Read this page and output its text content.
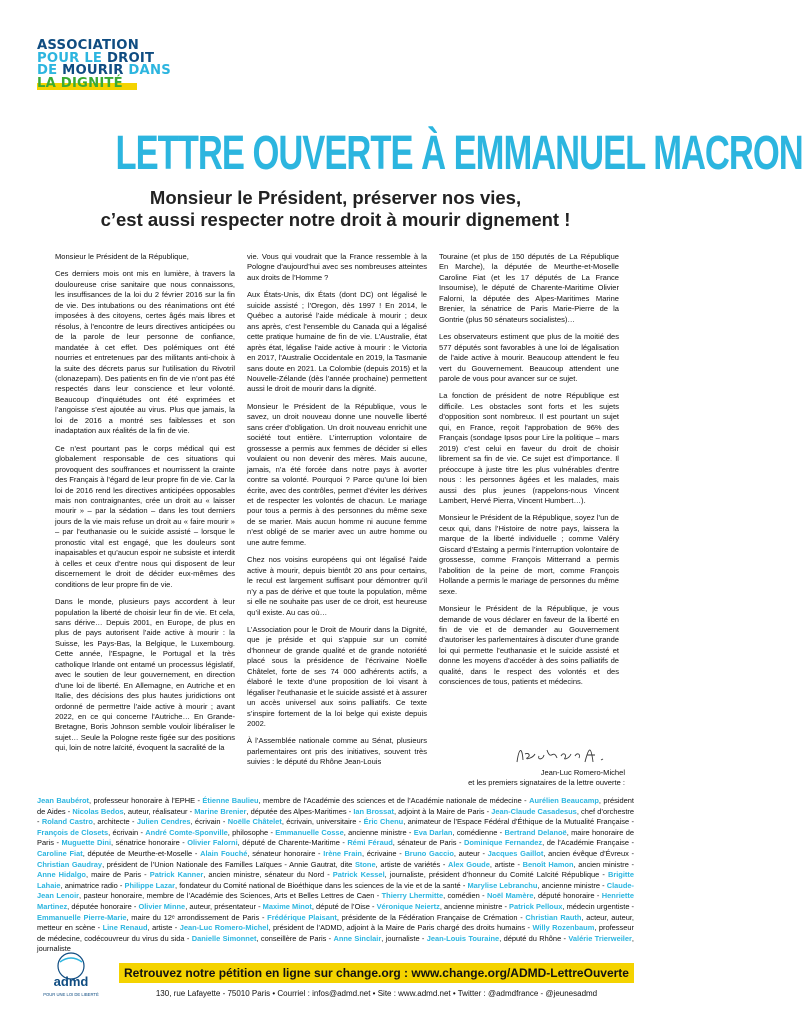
ASSOCIATION
POUR LE DROIT
DE MOURIR DANS
LA DIGNITÉ
LETTRE OUVERTE À EMMANUEL MACRON
Monsieur le Président, préserver nos vies,
c’est aussi respecter notre droit à mourir dignement !

Monsieur le Président de la République,

Ces derniers mois ont mis en lumière, à travers la douloureuse crise sanitaire que nous connaissons, les insuffisances de la loi du 2 février 2016 sur la fin de vie. Des intubations ou des réanimations ont été imposées à des citoyens, certes âgés mais libres et résolus, à l’encontre de leurs directives anticipées ou de la parole de leur personne de confiance, mandatée à cet effet. Des polémiques ont été nourries et entretenues par des militants anti-choix à la suite des décrets parus sur l’utilisation du Rivotril (clonazepam). Des patients en fin de vie n’ont pas été respectés dans leur conscience et leur volonté. Beaucoup d’inquiétudes ont été exprimées et l’angoisse s’est ajoutée au virus. Plus que jamais, la loi de 2016 a montré ses faiblesses et son inadaptation aux réalités de la fin de vie.

Ce n’est pourtant pas le corps médical qui est globalement responsable de ces situations qui provoquent des souffrances et nourrissent la crainte des Français à l’égard de leur propre fin de vie. Car la loi de 2016 rend les directives anticipées opposables mais non contraignantes, crée un droit au « laisser mourir » – par la sédation – dans les tout derniers jours de la vie mais refuse un droit au « faire mourir » – par l’euthanasie ou le suicide assisté – lorsque le pronostic vital est engagé, que les douleurs sont inapaisables et qu’aucun espoir ne subsiste et interdit à celles et ceux d’entre nous qui disposent de leur discernement le droit de décider eux-mêmes des conditions de leur propre fin de vie.

Dans le monde, plusieurs pays accordent à leur population la liberté de choisir leur fin de vie. Et cela, sans dérive… Depuis 2001, en Europe, de plus en plus de pays autorisent l’aide active à mourir : la Suisse, les Pays-Bas, la Belgique, le Luxembourg. Cette année, l’Espagne, le Portugal et la très catholique Irlande ont entamé un processus législatif, avec le soutien de leur gouvernement, en direction d’une loi de liberté. En Allemagne, en Autriche et en Italie, des décisions des plus hautes juridictions ont ordonné de permettre l’aide active à mourir ; avant 2022, en ce qui concerne l’Autriche… En Grande-Bretagne, Boris Johnson semble vouloir libéraliser le sujet… Seule la Pologne reste figée sur des positions qui, loin de notre laïcité, évoquent la sacralité de la

vie. Vous qui voudrait que la France ressemble à la Pologne d’aujourd’hui avec ses nombreuses atteintes aux droits de l’Homme ?

Aux États-Unis, dix États (dont DC) ont légalisé le suicide assisté ; l’Oregon, dès 1997 ! En 2014, le Québec a autorisé l’aide médicale à mourir ; deux ans après, c’est l’ensemble du Canada qui a légalisé cette pratique humaine de fin de vie. L’Australie, état après état, légalise l’aide active à mourir : le Victoria en 2017, l’Australie Occidentale en 2019, la Tasmanie sans doute en 2021. La Colombie (depuis 2015) et la Nouvelle-Zélande (dès l’année prochaine) permettent aussi le droit de mourir dans la dignité.

Monsieur le Président de la République, vous le savez, un droit nouveau donne une nouvelle liberté sans créer d’obligation. Un droit nouveau enrichit une société tout entière. L’interruption volontaire de grossesse a permis aux femmes de décider si elles voulaient ou non devenir des mères. Mais aucune, jamais, n’a été forcée dans notre pays à avorter contre sa volonté. Pourquoi ? Parce qu’une loi bien écrite, avec des contrôles, permet d’éviter les dérives et de respecter les volontés de chacun. Le mariage pour tous a permis à des personnes du même sexe de se marier. Mais aucun homme ni aucune femme n’est obligé de se marier avec un autre homme ou une autre femme.

Chez nos voisins européens qui ont légalisé l’aide active à mourir, depuis bientôt 20 ans pour certains, le recul est largement suffisant pour démontrer qu’il n’y a pas de dérive et que toute la population, même si elle ne souhaite pas user de ce droit, est heureuse qu’il existe. Au cas où…

L’Association pour le Droit de Mourir dans la Dignité, que je préside et qui s’appuie sur un comité d’honneur de grande qualité et de grande notoriété placé sous la présidence de l’écrivaine Noëlle Châtelet, forte de ses 74 000 adhérents actifs, a élaboré le texte d’une proposition de loi visant à légaliser l’euthanasie et le suicide assisté et à assurer un accès universel aux soins palliatifs. Ce texte s’inspire fortement de la loi belge qui existe depuis 2002.

À l’Assemblée nationale comme au Sénat, plusieurs parlementaires ont pris des initiatives, souvent très suivies : le député du Rhône Jean-Louis

Touraine (et plus de 150 députés de La République En Marche), la députée de Meurthe-et-Moselle Caroline Fiat (et les 17 députés de La France Insoumise), le député de Charente-Maritime Olivier Falorni, la députée des Alpes-Maritimes Marine Brenier, la sénatrice de Paris Marie-Pierre de la Gontrie (plus 50 sénateurs socialistes)…

Les observateurs estiment que plus de la moitié des 577 députés sont favorables à une loi de légalisation de l’aide active à mourir. Beaucoup attendent le feu vert du Gouvernement. Beaucoup attendent une parole de vous pour avancer sur ce sujet.

La fonction de président de notre République est difficile. Les obstacles sont forts et les sujets d’opposition sont nombreux. Il est pourtant un sujet qui, en France, reçoit l’approbation de 96% des Français (sondage Ipsos pour Lire la politique – mars 2019) c’est celui en faveur du droit de choisir librement sa fin de vie. Ce sujet est d’importance. Il préoccupe à juste titre les plus vulnérables d’entre nous : les personnes âgées et les malades, mais aussi des plus jeunes (rappelons-nous Vincent Lambert, Hervé Pierra, Vincent Humbert…).

Monsieur le Président de la République, soyez l’un de ceux qui, dans l’Histoire de notre pays, laissera la marque de la liberté individuelle ; comme Valéry Giscard d’Estaing a permis l’interruption volontaire de grossesse, comme François Mitterrand a permis l’abolition de la peine de mort, comme François Hollande a permis le mariage de personnes du même sexe.

Monsieur le Président de la République, je vous demande de vous déclarer en faveur de la liberté en fin de vie et de demander au Gouvernement d’autoriser les parlementaires à discuter d’une grande loi qui permette l’euthanasie et le suicide assisté et donne les moyens d’accéder à des soins palliatifs de qualité, dans le respect des volontés et des consciences de tous, patients et médecins.

Jean-Luc Romero-Michel
et les premiers signataires de la lettre ouverte :
Jean Baubérot, professeur honoraire à l’EPHE - Étienne Baulieu, membre de l’Académie des sciences et de l’Académie nationale de médecine - Aurélien Beaucamp, président de Aides - Nicolas Bedos, auteur, réalisateur - Marine Brenier, députée des Alpes-Maritimes - Ian Brossat, adjoint à la Maire de Paris - Jean-Claude Casadesus, chef d’orchestre - Roland Castro, architecte - Julien Cendres, écrivain - Noëlle Châtelet, écrivain, universitaire - Éric Chenu, animateur de l’Espace Fédéral d’Éthique de la Mutualité Française - François de Closets, écrivain - André Comte-Sponville, philosophe - Emmanuelle Cosse, ancienne ministre - Eva Darlan, comédienne - Bertrand Delanoë, maire honoraire de Paris - Muguette Dini, sénatrice honoraire - Olivier Falorni, député de Charente-Maritime - Rémi Féraud, sénateur de Paris - Dominique Fernandez, de l’Académie Française - Caroline Fiat, députée de Meurthe-et-Moselle - Alain Fouché, sénateur honoraire - Irène Frain, écrivaine - Bruno Gaccio, auteur - Jacques Gaillot, ancien évêque d’Évreux - Christian Gaudray, président de l’Union Nationale des Familles Laïques - Annie Gautrat, dite Stone, artiste de variétés - Alex Goude, artiste - Benoît Hamon, ancien ministre - Anne Hidalgo, maire de Paris - Patrick Kanner, ancien ministre, sénateur du Nord - Patrick Kessel, journaliste, président d’honneur du Comité Laïcité République - Brigitte Lahaie, animatrice radio - Philippe Lazar, fondateur du Comité national de Bioéthique dans les sciences de la vie et de la santé - Marylise Lebranchu, ancienne ministre - Claude-Jean Lenoir, pasteur honoraire, membre de l’Académie des Sciences, Arts et Belles Lettres de Caen - Thierry Lhermitte, comédien - Noël Mamère, député honoraire - Henriette Martinez, députée honoraire - Olivier Minne, auteur, présentateur - Maxime Minot, député de l’Oise - Véronique Neiertz, ancienne ministre - Patrick Pelloux, médecin urgentiste - Emmanuelle Pierre-Marie, maire du 12ᵉ arrondissement de Paris - Frédérique Plaisant, présidente de la Fédération Française de Crémation - Christian Rauth, acteur, auteur, metteur en scène - Line Renaud, artiste - Jean-Luc Romero-Michel, président de l’ADMD, adjoint à la Maire de Paris chargé des droits humains - Willy Rozenbaum, professeur de médecine, codécouvreur du virus du sida - Danielle Simonnet, conseillère de Paris - Anne Sinclair, journaliste - Jean-Louis Touraine, député du Rhône - Valérie Trierweiler, journaliste
admd
POUR UNE LOI DE LIBERTÉ
Retrouvez notre pétition en ligne sur change.org : www.change.org/ADMD-LettreOuverte
130, rue Lafayette - 75010 Paris • Courriel : infos@admd.net • Site : www.admd.net • Twitter : @admdfrance - @jeunesadmd
